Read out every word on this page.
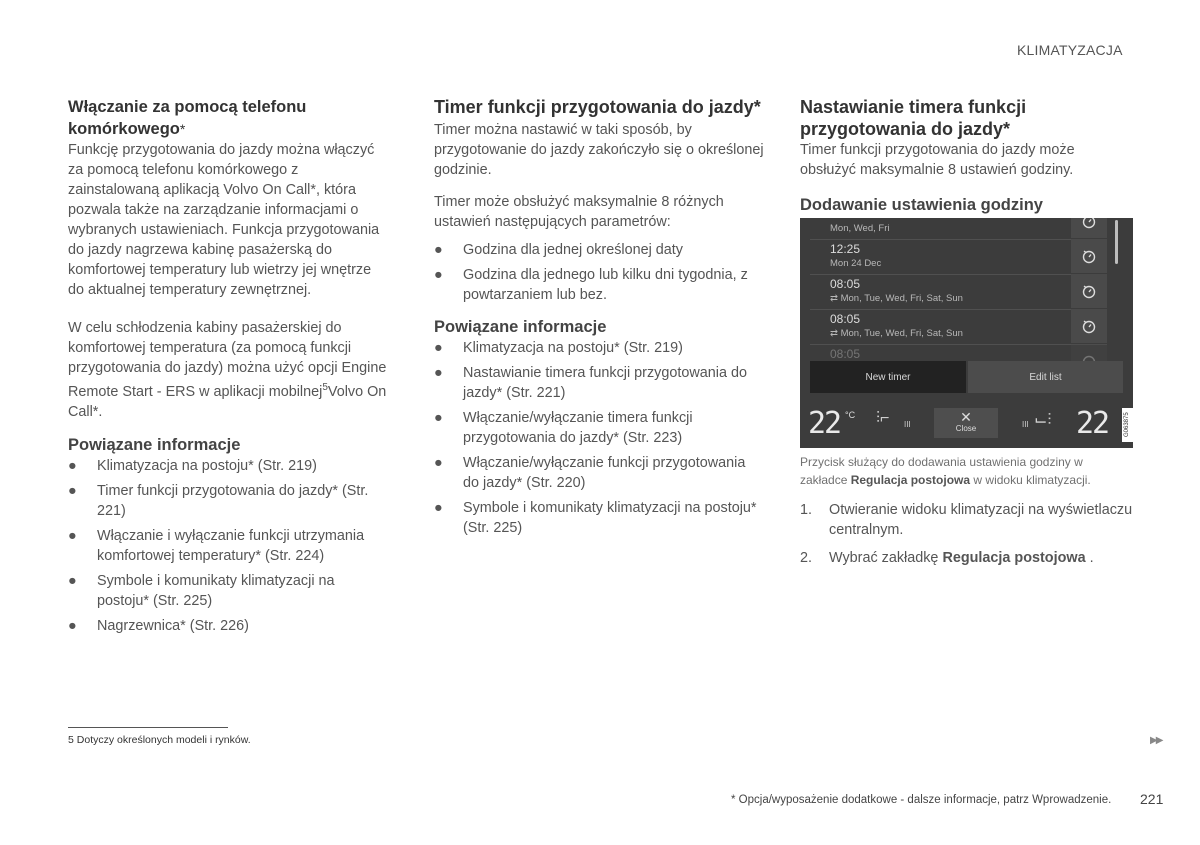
KLIMATYZACJA
Włączanie za pomocą telefonu komórkowego*

Funkcję przygotowania do jazdy można włączyć za pomocą telefonu komórkowego z zainstalowaną aplikacją Volvo On Call*, która pozwala także na zarządzanie informacjami o wybranych ustawieniach. Funkcja przygotowania do jazdy nagrzewa kabinę pasażerską do komfortowej temperatury lub wietrzy jej wnętrze do aktualnej temperatury zewnętrznej.

W celu schłodzenia kabiny pasażerskiej do komfortowej temperatura (za pomocą funkcji przygotowania do jazdy) można użyć opcji Engine Remote Start - ERS w aplikacji mobilnej$^5$Volvo On Call*.

Powiązane informacje
● Klimatyzacja na postoju* (Str. 219)
● Timer funkcji przygotowania do jazdy* (Str. 221)
● Włączanie i wyłączanie funkcji utrzymania komfortowej temperatury* (Str. 224)
● Symbole i komunikaty klimatyzacji na postoju* (Str. 225)
● Nagrzewnica* (Str. 226)
Timer funkcji przygotowania do jazdy*

Timer można nastawić w taki sposób, by przygotowanie do jazdy zakończyło się o określonej godzinie.

Timer może obsłużyć maksymalnie 8 różnych ustawień następujących parametrów:

● Godzina dla jednej określonej daty
● Godzina dla jednego lub kilku dni tygodnia, z powtarzaniem lub bez.
Powiązane informacje
● Klimatyzacja na postoju* (Str. 219)
● Nastawianie timera funkcji przygotowania do jazdy* (Str. 221)
● Włączanie/wyłączanie timera funkcji przygotowania do jazdy* (Str. 223)
● Włączanie/wyłączanie funkcji przygotowania do jazdy* (Str. 220)
● Symbole i komunikaty klimatyzacji na postoju* (Str. 225)
Nastawianie timera funkcji przygotowania do jazdy*

Timer funkcji przygotowania do jazdy może obsłużyć maksymalnie 8 ustawień godziny.

Dodawanie ustawienia godziny
Mon, Wed, Fri
12:25
Mon 24 Dec
08:05
⇄ Mon, Tue, Wed, Fri, Sat, Sun
08:05
⇄ Mon, Tue, Wed, Fri, Sat, Sun
08:05
New timer	Edit list
22 °C ⫶⌐ III	✕
Close	III ⌙⫶ 22	G063875

Przycisk służący do dodawania ustawienia godziny w zakładce Regulacja postojowa w widoku klimatyzacji.

1. Otwieranie widoku klimatyzacji na wyświetlaczu centralnym.
2. Wybrać zakładkę Regulacja postojowa .
5 Dotyczy określonych modeli i rynków.	▶▶
* Opcja/wyposażenie dodatkowe - dalsze informacje, patrz Wprowadzenie. 221
